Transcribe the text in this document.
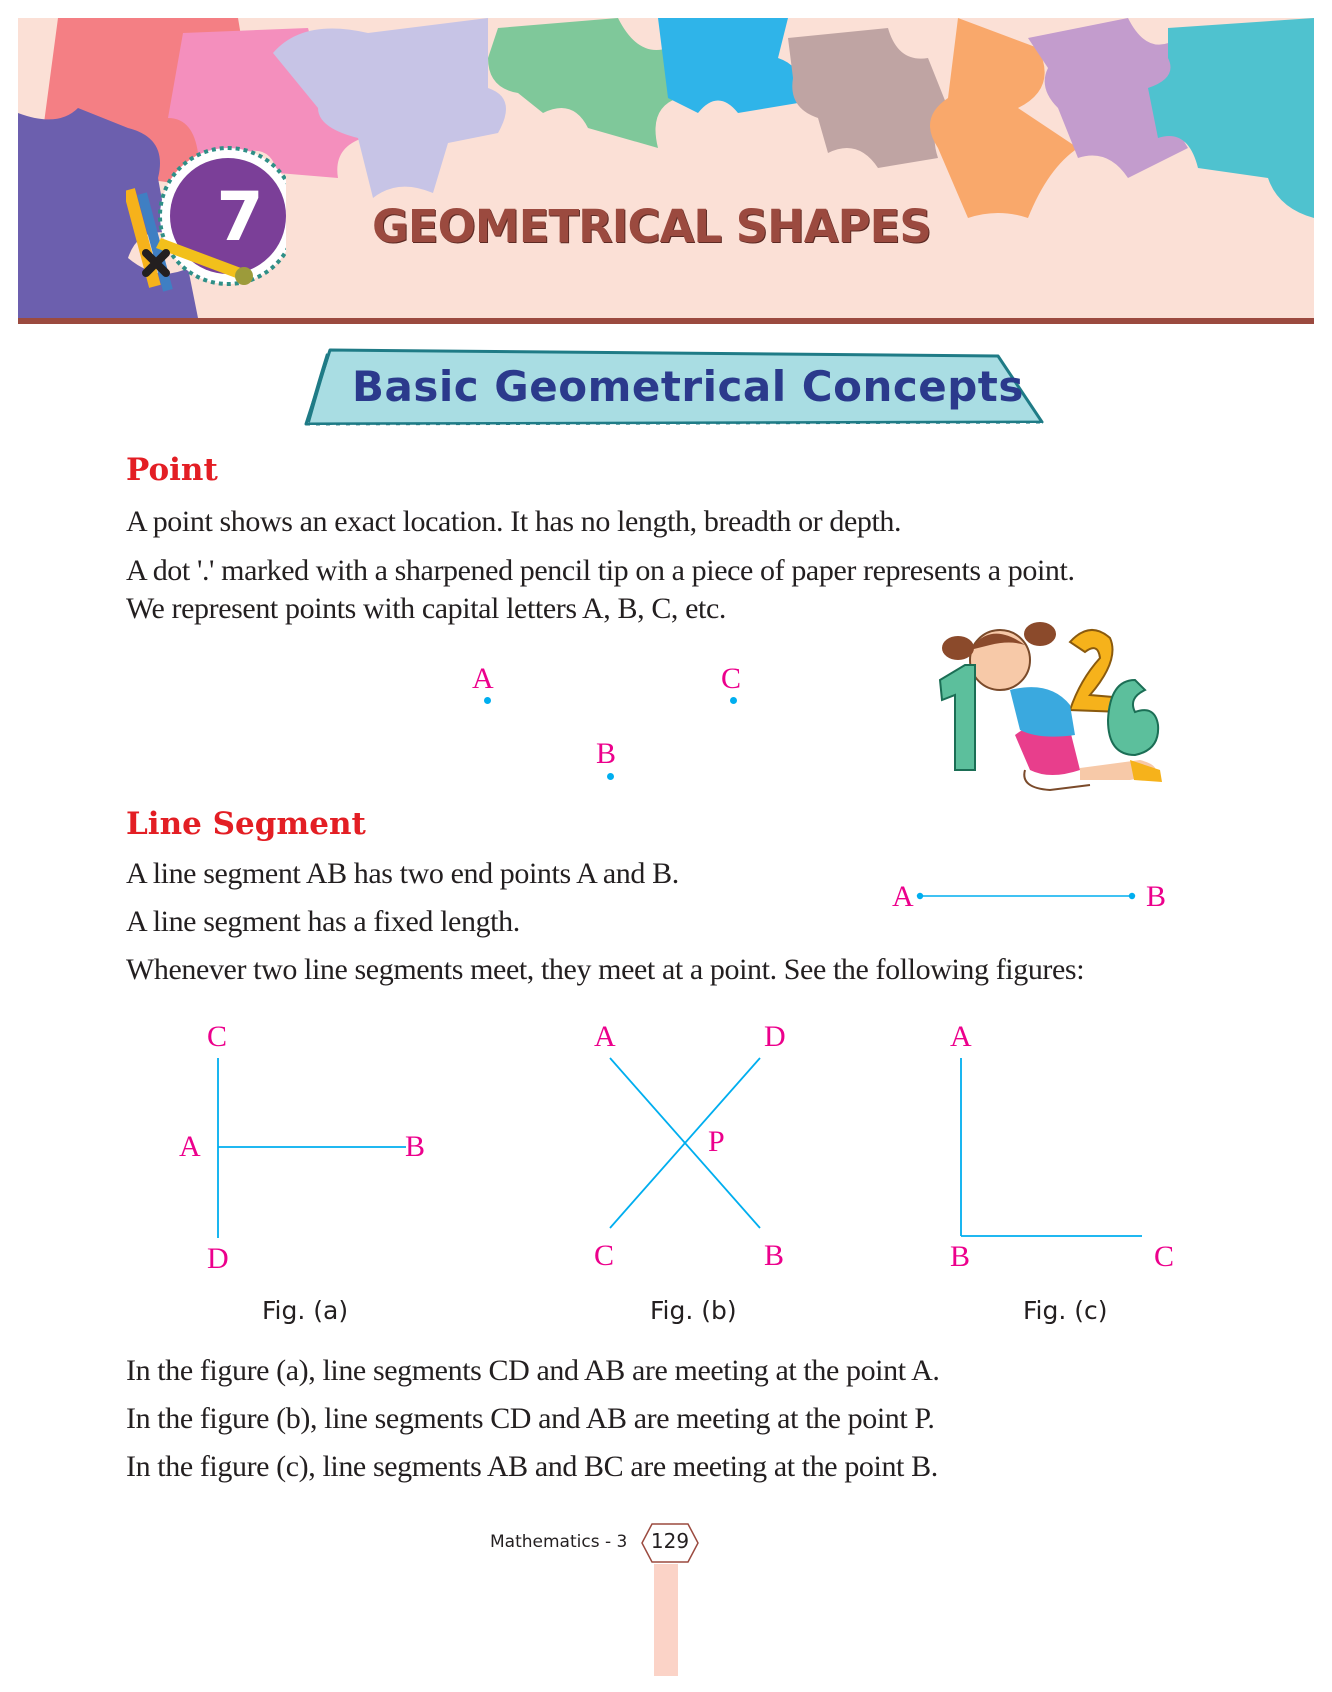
7 GEOMETRICAL SHAPES
Basic Geometrical Concepts
Point
A point shows an exact location. It has no length, breadth or depth.
A dot '.' marked with a sharpened pencil tip on a piece of paper represents a point.
We represent points with capital letters A, B, C, etc.
A
B
C
Line Segment
A line segment AB has two end points A and B.
A line segment has a fixed length.
Whenever two line segments meet, they meet at a point. See the following figures:
A	B
C
A	B
D
Fig. (a)
A	D
P
C	B
Fig. (b)
A
B	C
Fig. (c)
In the figure (a), line segments CD and AB are meeting at the point A.
In the figure (b), line segments CD and AB are meeting at the point P.
In the figure (c), line segments AB and BC are meeting at the point B.
Mathematics - 3	129
